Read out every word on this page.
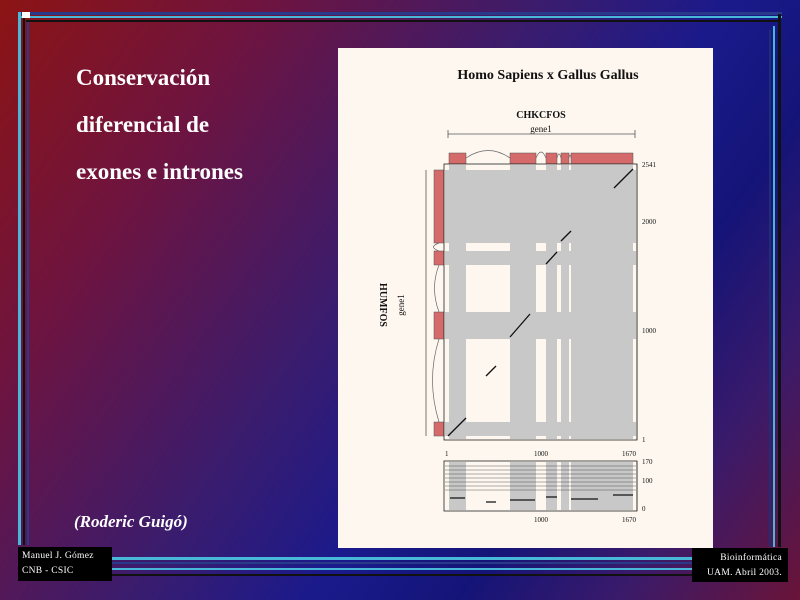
Conservación
diferencial de
exones e intrones
(Roderic Guigó)
Manuel J. Gómez
CNB - CSIC
Bioinformática
UAM. Abril 2003.
Homo Sapiens x Gallus Gallus
CHKCFOS
gene1
gene1
HUMFOS
2541
2000
1000
1
1	1000	1670
170
100
0
1000	1670
